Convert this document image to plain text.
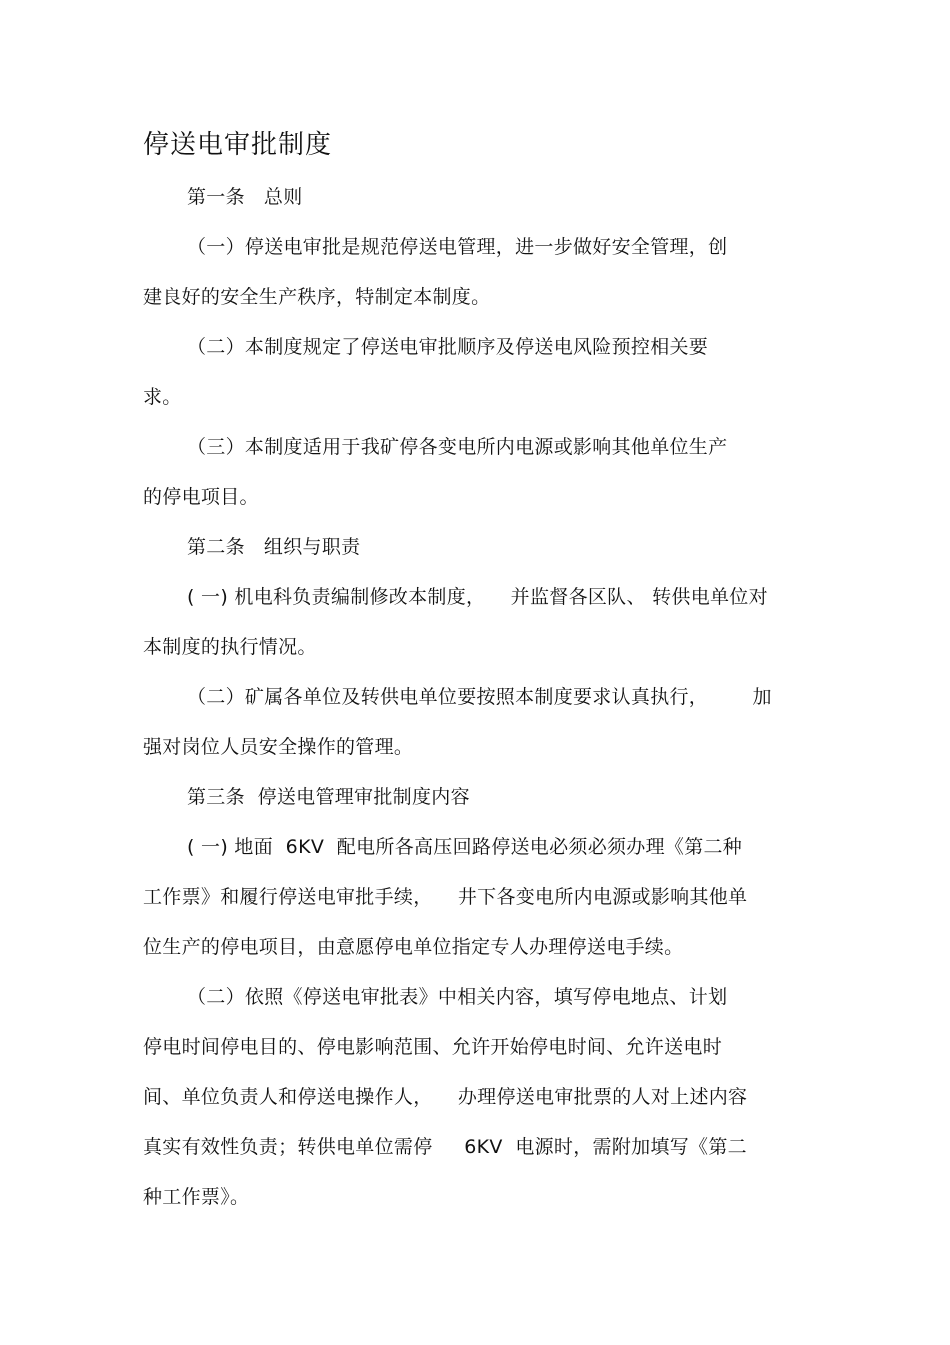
停送电审批制度
第一条   总则
（一）停送电审批是规范停送电管理，进一步做好安全管理，创
建良好的安全生产秩序，特制定本制度。
（二）本制度规定了停送电审批顺序及停送电风险预控相关要
求。
（三）本制度适用于我矿停各变电所内电源或影响其他单位生产
的停电项目。
第二条   组织与职责
( 一) 机电科负责编制修改本制度，    并监督各区队、 转供电单位对
本制度的执行情况。
（二）矿属各单位及转供电单位要按照本制度要求认真执行，       加
强对岗位人员安全操作的管理。
第三条  停送电管理审批制度内容
( 一) 地面  6KV  配电所各高压回路停送电必须必须办理《第二种
工作票》和履行停送电审批手续，    井下各变电所内电源或影响其他单
位生产的停电项目，由意愿停电单位指定专人办理停送电手续。
（二）依照《停送电审批表》中相关内容，填写停电地点、计划
停电时间停电目的、停电影响范围、允许开始停电时间、允许送电时
间、单位负责人和停送电操作人，    办理停送电审批票的人对上述内容
真实有效性负责；转供电单位需停     6KV  电源时，需附加填写《第二
种工作票》。
